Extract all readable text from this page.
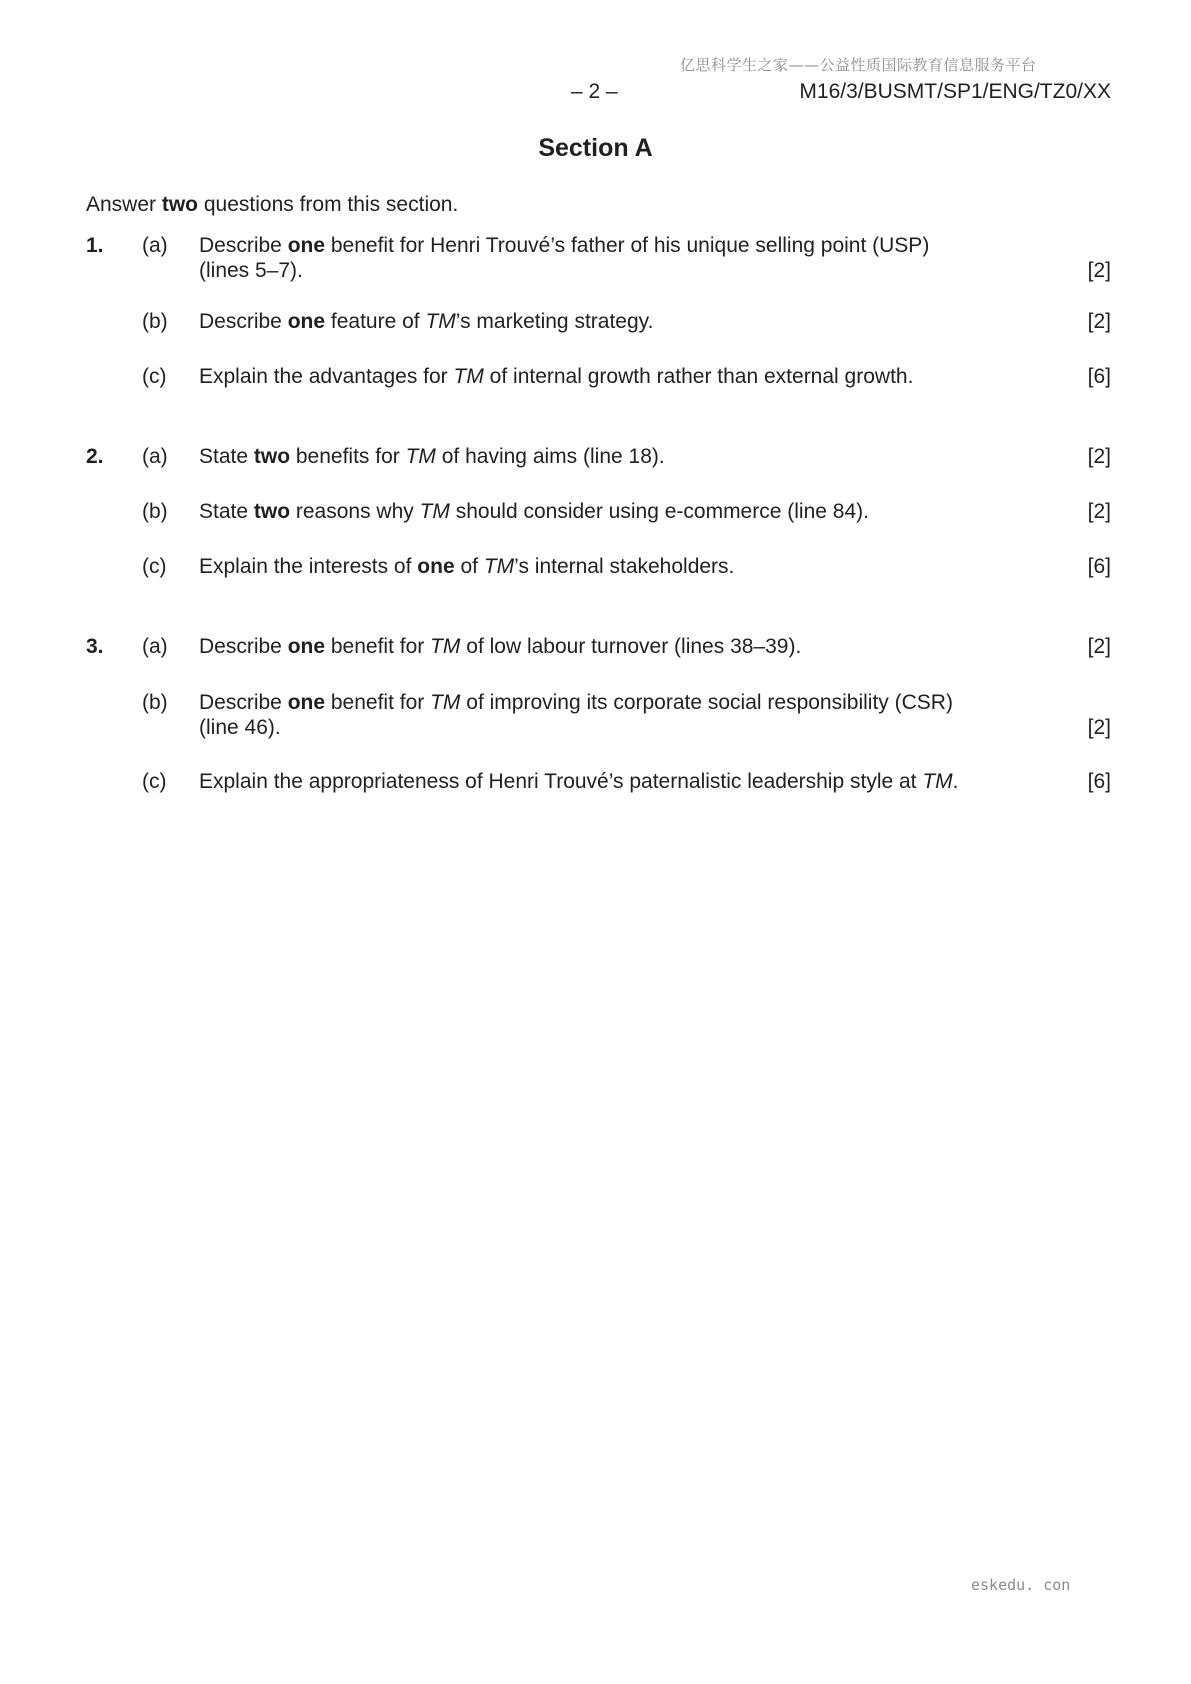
亿思科学生之家——公益性质国际教育信息服务平台
– 2 –	M16/3/BUSMT/SP1/ENG/TZ0/XX
Section A
Answer two questions from this section.
1. (a) Describe one benefit for Henri Trouvé’s father of his unique selling point (USP)
(lines 5–7).	[2]
(b) Describe one feature of TM’s marketing strategy.	[2]
(c) Explain the advantages for TM of internal growth rather than external growth.	[6]
2. (a) State two benefits for TM of having aims (line 18).	[2]
(b) State two reasons why TM should consider using e-commerce (line 84).	[2]
(c) Explain the interests of one of TM’s internal stakeholders.	[6]
3. (a) Describe one benefit for TM of low labour turnover (lines 38–39).	[2]
(b) Describe one benefit for TM of improving its corporate social responsibility (CSR)
(line 46).	[2]
(c) Explain the appropriateness of Henri Trouvé’s paternalistic leadership style at TM.	[6]
eskedu. con
